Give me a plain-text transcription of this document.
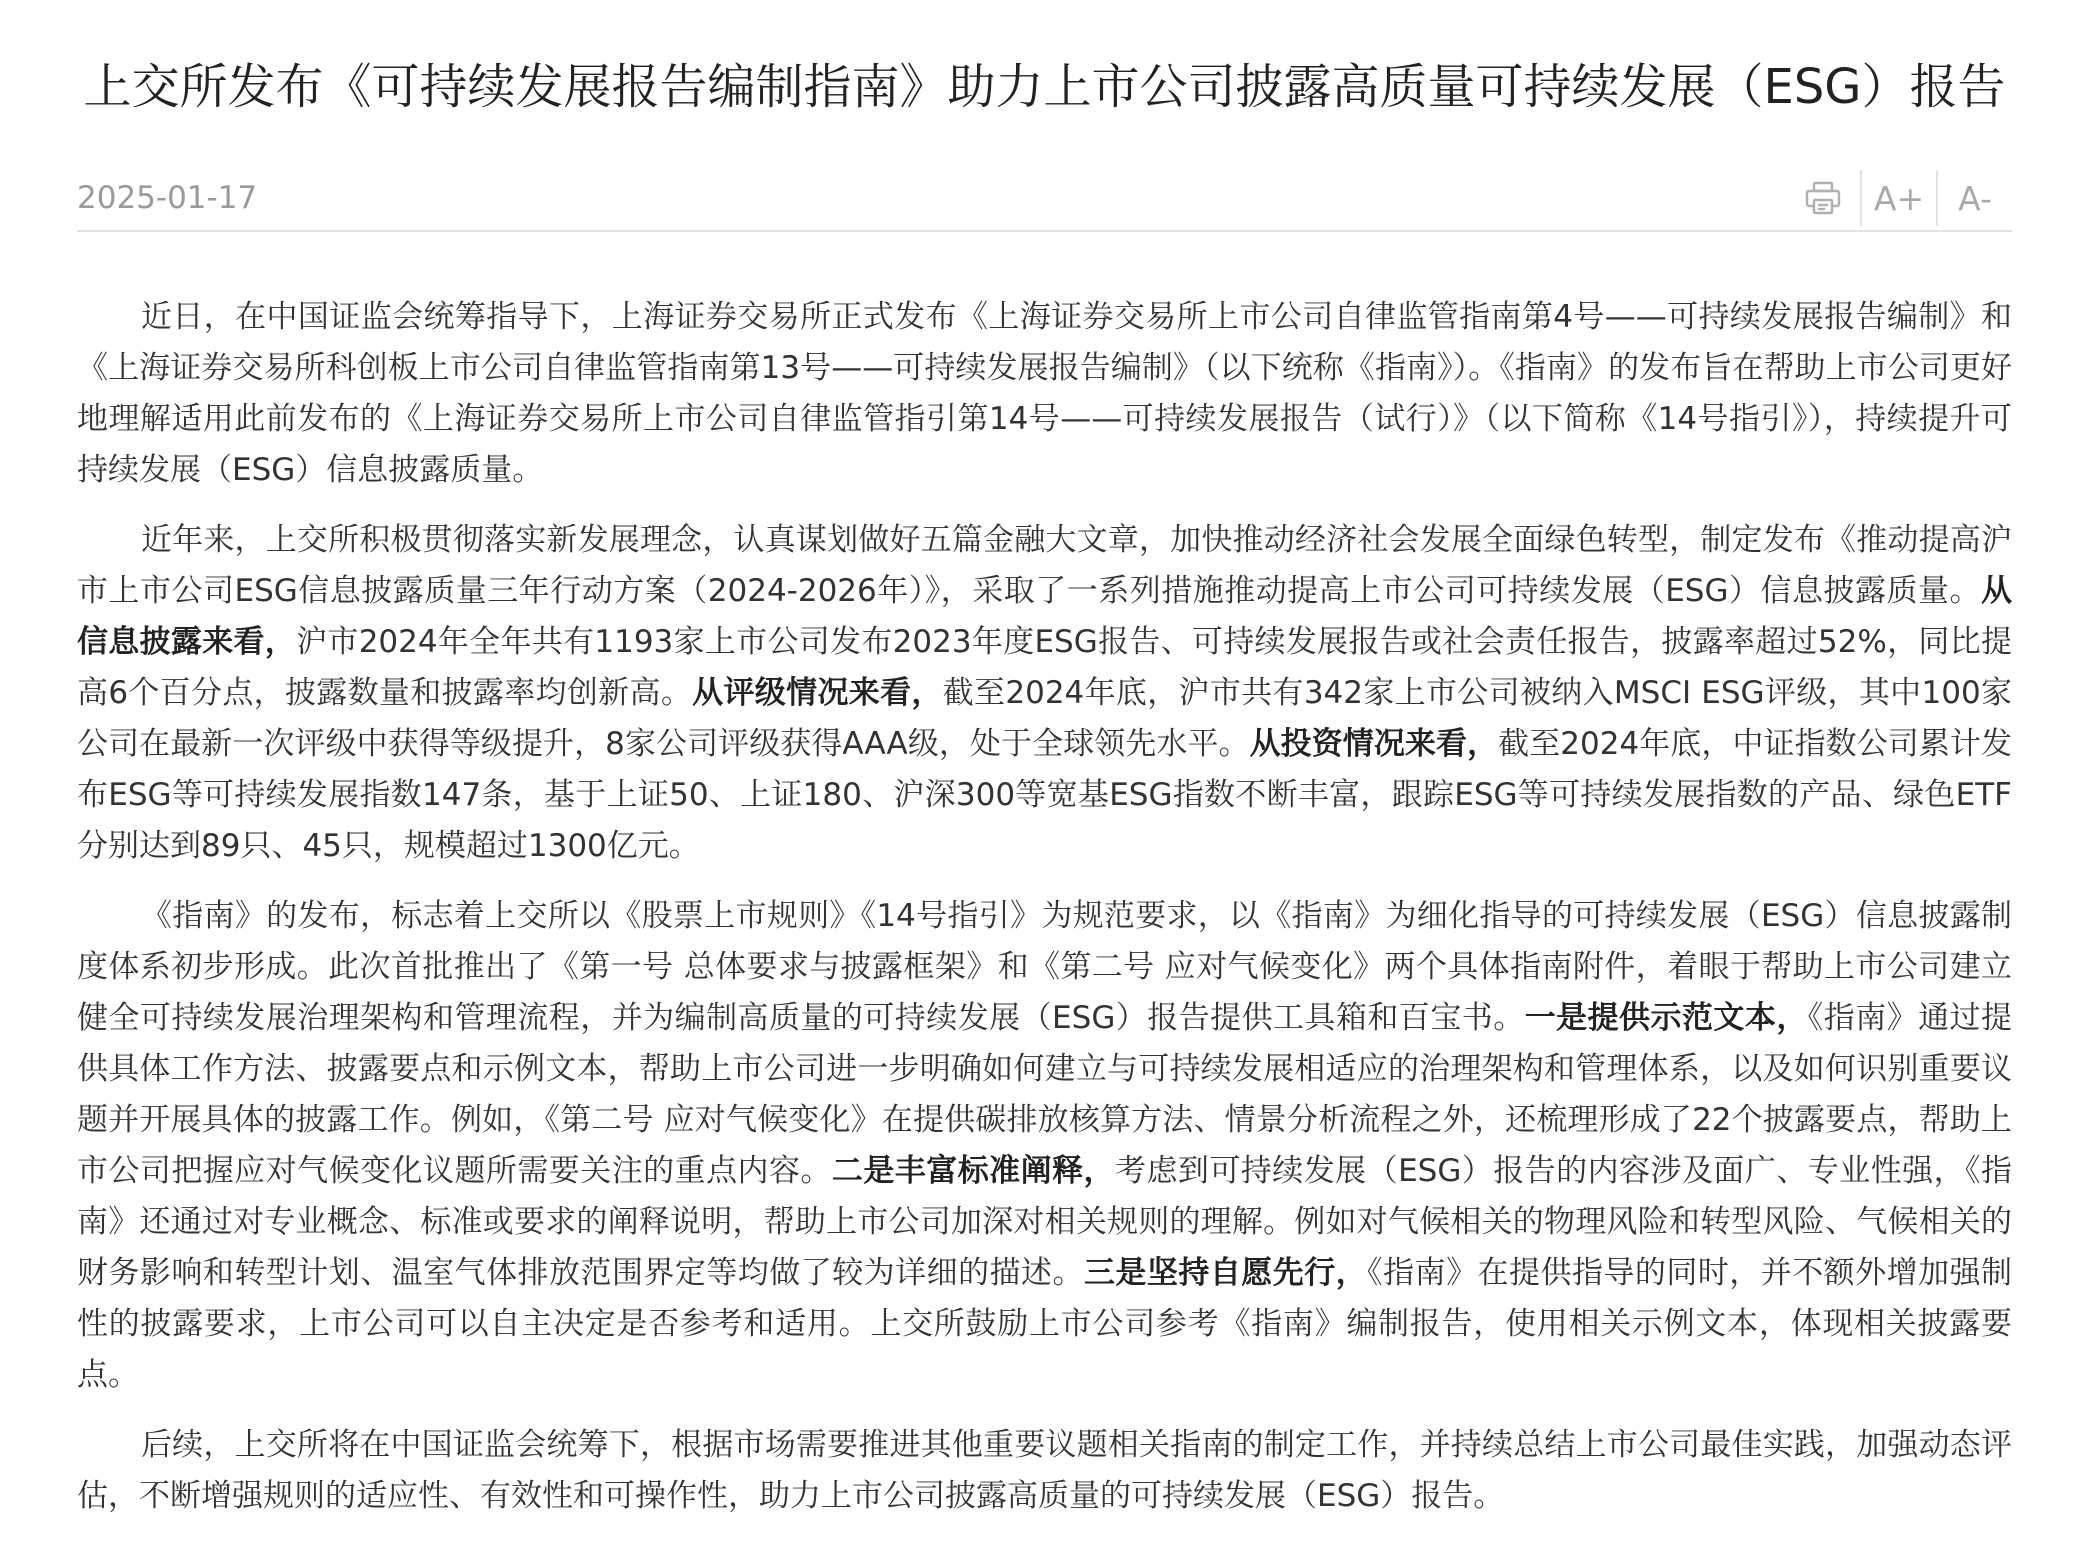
上交所发布《可持续发展报告编制指南》助力上市公司披露高质量可持续发展（ESG）报告
2025-01-17	A+ A-

近日，在中国证监会统筹指导下，上海证券交易所正式发布《上海证券交易所上市公司自律监管指南第4号——可持续发展报告编制》和《上海证券交易所科创板上市公司自律监管指南第13号——可持续发展报告编制》（以下统称《指南》）。《指南》的发布旨在帮助上市公司更好地理解适用此前发布的《上海证券交易所上市公司自律监管指引第14号——可持续发展报告（试行）》（以下简称《14号指引》），持续提升可持续发展（ESG）信息披露质量。

近年来，上交所积极贯彻落实新发展理念，认真谋划做好五篇金融大文章，加快推动经济社会发展全面绿色转型，制定发布《推动提高沪市上市公司ESG信息披露质量三年行动方案（2024-2026年）》，采取了一系列措施推动提高上市公司可持续发展（ESG）信息披露质量。从信息披露来看，沪市2024年全年共有1193家上市公司发布2023年度ESG报告、可持续发展报告或社会责任报告，披露率超过52%，同比提高6个百分点，披露数量和披露率均创新高。从评级情况来看，截至2024年底，沪市共有342家上市公司被纳入MSCI ESG评级，其中100家公司在最新一次评级中获得等级提升，8家公司评级获得AAA级，处于全球领先水平。从投资情况来看，截至2024年底，中证指数公司累计发布ESG等可持续发展指数147条，基于上证50、上证180、沪深300等宽基ESG指数不断丰富，跟踪ESG等可持续发展指数的产品、绿色ETF分别达到89只、45只，规模超过1300亿元。

《指南》的发布，标志着上交所以《股票上市规则》《14号指引》为规范要求，以《指南》为细化指导的可持续发展（ESG）信息披露制度体系初步形成。此次首批推出了《第一号 总体要求与披露框架》和《第二号 应对气候变化》两个具体指南附件，着眼于帮助上市公司建立健全可持续发展治理架构和管理流程，并为编制高质量的可持续发展（ESG）报告提供工具箱和百宝书。一是提供示范文本，《指南》通过提供具体工作方法、披露要点和示例文本，帮助上市公司进一步明确如何建立与可持续发展相适应的治理架构和管理体系，以及如何识别重要议题并开展具体的披露工作。例如，《第二号 应对气候变化》在提供碳排放核算方法、情景分析流程之外，还梳理形成了22个披露要点，帮助上市公司把握应对气候变化议题所需要关注的重点内容。二是丰富标准阐释，考虑到可持续发展（ESG）报告的内容涉及面广、专业性强，《指南》还通过对专业概念、标准或要求的阐释说明，帮助上市公司加深对相关规则的理解。例如对气候相关的物理风险和转型风险、气候相关的财务影响和转型计划、温室气体排放范围界定等均做了较为详细的描述。三是坚持自愿先行，《指南》在提供指导的同时，并不额外增加强制性的披露要求，上市公司可以自主决定是否参考和适用。上交所鼓励上市公司参考《指南》编制报告，使用相关示例文本，体现相关披露要点。

后续，上交所将在中国证监会统筹下，根据市场需要推进其他重要议题相关指南的制定工作，并持续总结上市公司最佳实践，加强动态评估，不断增强规则的适应性、有效性和可操作性，助力上市公司披露高质量的可持续发展（ESG）报告。
